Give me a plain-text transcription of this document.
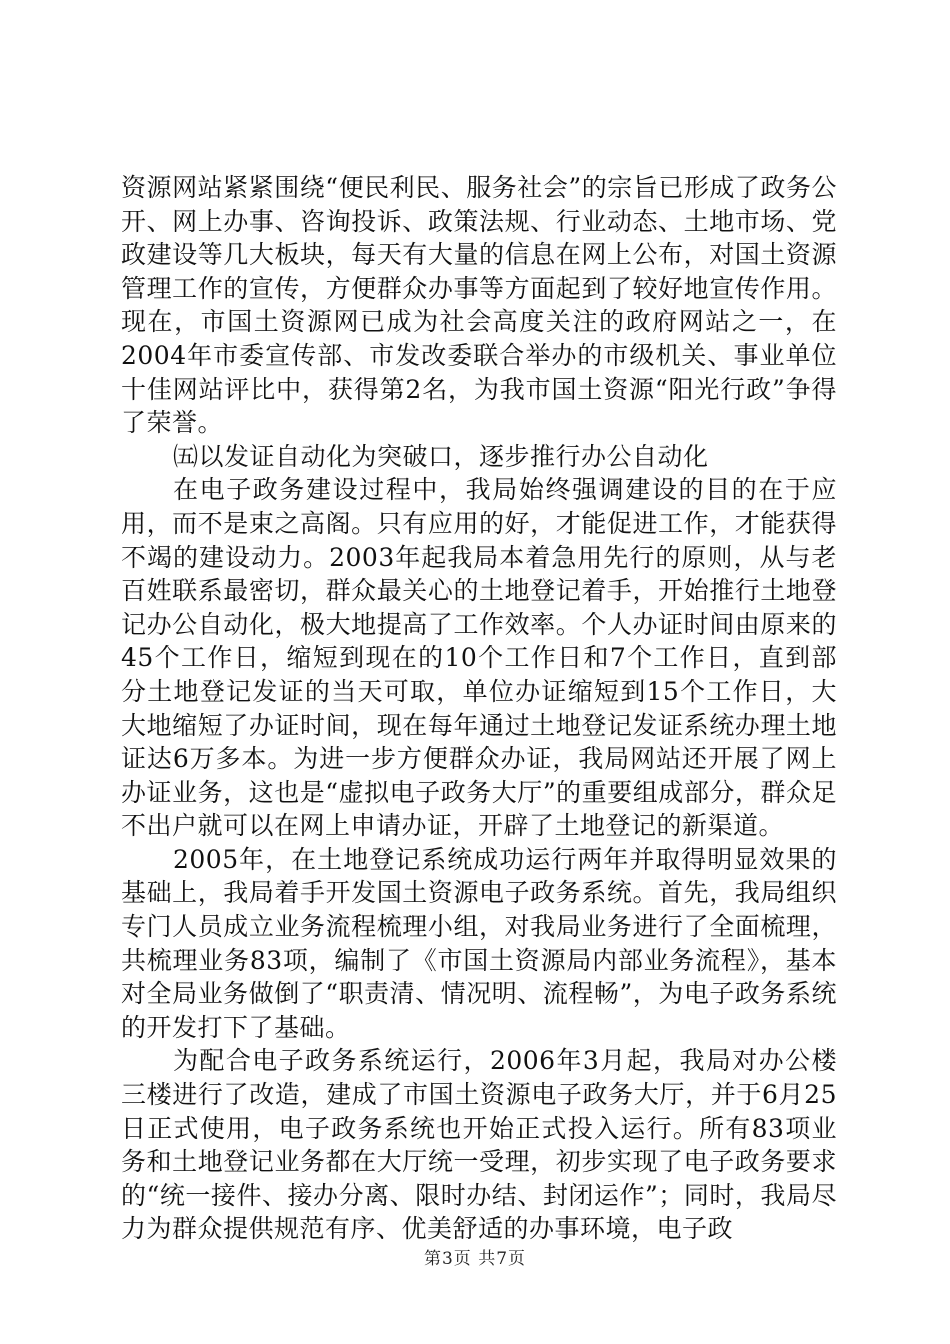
资源网站紧紧围绕“便民利民、服务社会”的宗旨已形成了政务公开、网上办事、咨询投诉、政策法规、行业动态、土地市场、党政建设等几大板块，每天有大量的信息在网上公布，对国土资源管理工作的宣传，方便群众办事等方面起到了较好地宣传作用。现在，市国土资源网已成为社会高度关注的政府网站之一，在2004年市委宣传部、市发改委联合举办的市级机关、事业单位十佳网站评比中，获得第2名，为我市国土资源“阳光行政”争得了荣誉。

㈤以发证自动化为突破口，逐步推行办公自动化

在电子政务建设过程中，我局始终强调建设的目的在于应用，而不是束之高阁。只有应用的好，才能促进工作，才能获得不竭的建设动力。2003年起我局本着急用先行的原则，从与老百姓联系最密切，群众最关心的土地登记着手，开始推行土地登记办公自动化，极大地提高了工作效率。个人办证时间由原来的45个工作日，缩短到现在的10个工作日和7个工作日，直到部分土地登记发证的当天可取，单位办证缩短到15个工作日，大大地缩短了办证时间，现在每年通过土地登记发证系统办理土地证达6万多本。为进一步方便群众办证，我局网站还开展了网上办证业务，这也是“虚拟电子政务大厅”的重要组成部分，群众足不出户就可以在网上申请办证，开辟了土地登记的新渠道。

2005年，在土地登记系统成功运行两年并取得明显效果的基础上，我局着手开发国土资源电子政务系统。首先，我局组织专门人员成立业务流程梳理小组，对我局业务进行了全面梳理，共梳理业务83项，编制了《市国土资源局内部业务流程》，基本对全局业务做倒了“职责清、情况明、流程畅”，为电子政务系统的开发打下了基础。

为配合电子政务系统运行，2006年3月起，我局对办公楼三楼进行了改造，建成了市国土资源电子政务大厅，并于6月25日正式使用，电子政务系统也开始正式投入运行。所有83项业务和土地登记业务都在大厅统一受理，初步实现了电子政务要求的“统一接件、接办分离、限时办结、封闭运作”；同时，我局尽力为群众提供规范有序、优美舒适的办事环境，电子政

第3页 共7页
